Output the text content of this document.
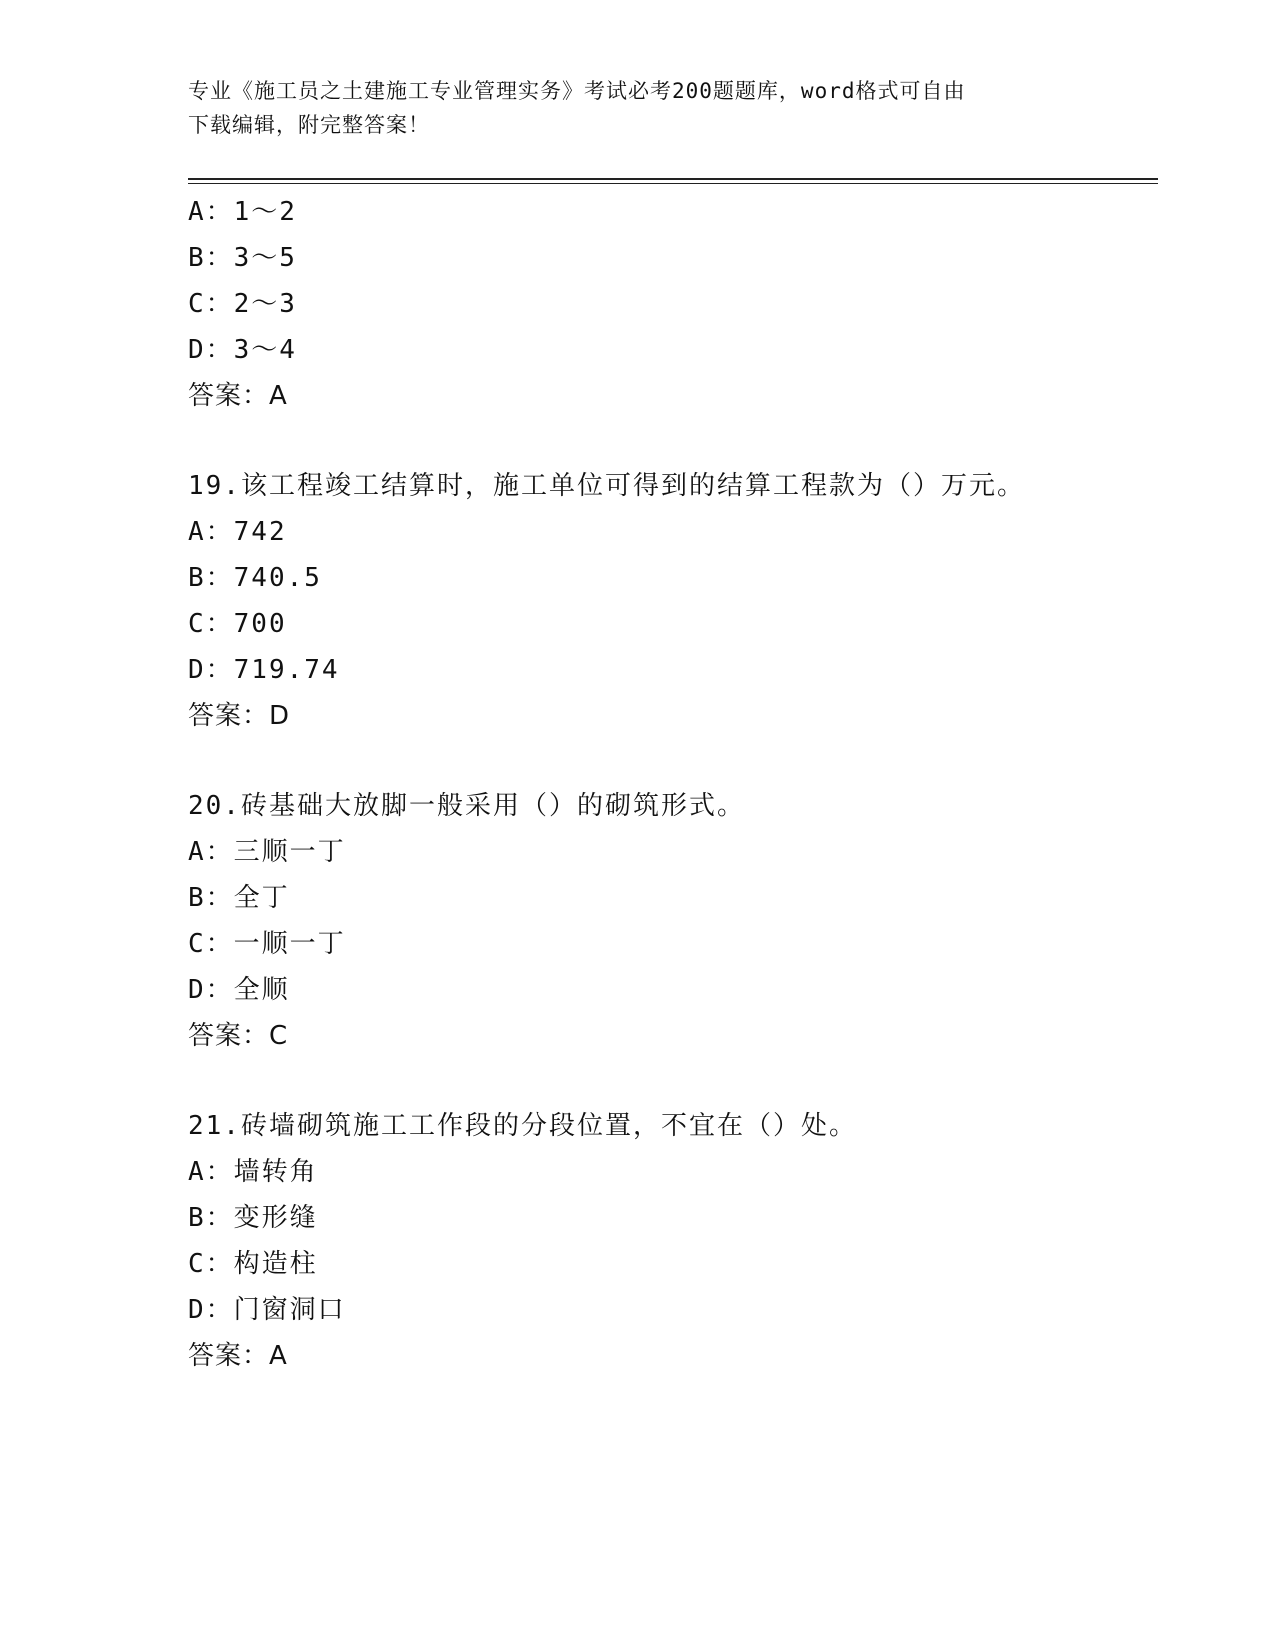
专业《施工员之土建施工专业管理实务》考试必考200题题库，word格式可自由
下载编辑，附完整答案！
A：1～2
B：3～5
C：2～3
D：3～4
答案：A
19.该工程竣工结算时，施工单位可得到的结算工程款为（）万元。
A：742
B：740.5
C：700
D：719.74
答案：D
20.砖基础大放脚一般采用（）的砌筑形式。
A：三顺一丁
B：全丁
C：一顺一丁
D：全顺
答案：C
21.砖墙砌筑施工工作段的分段位置，不宜在（）处。
A：墙转角
B：变形缝
C：构造柱
D：门窗洞口
答案：A
